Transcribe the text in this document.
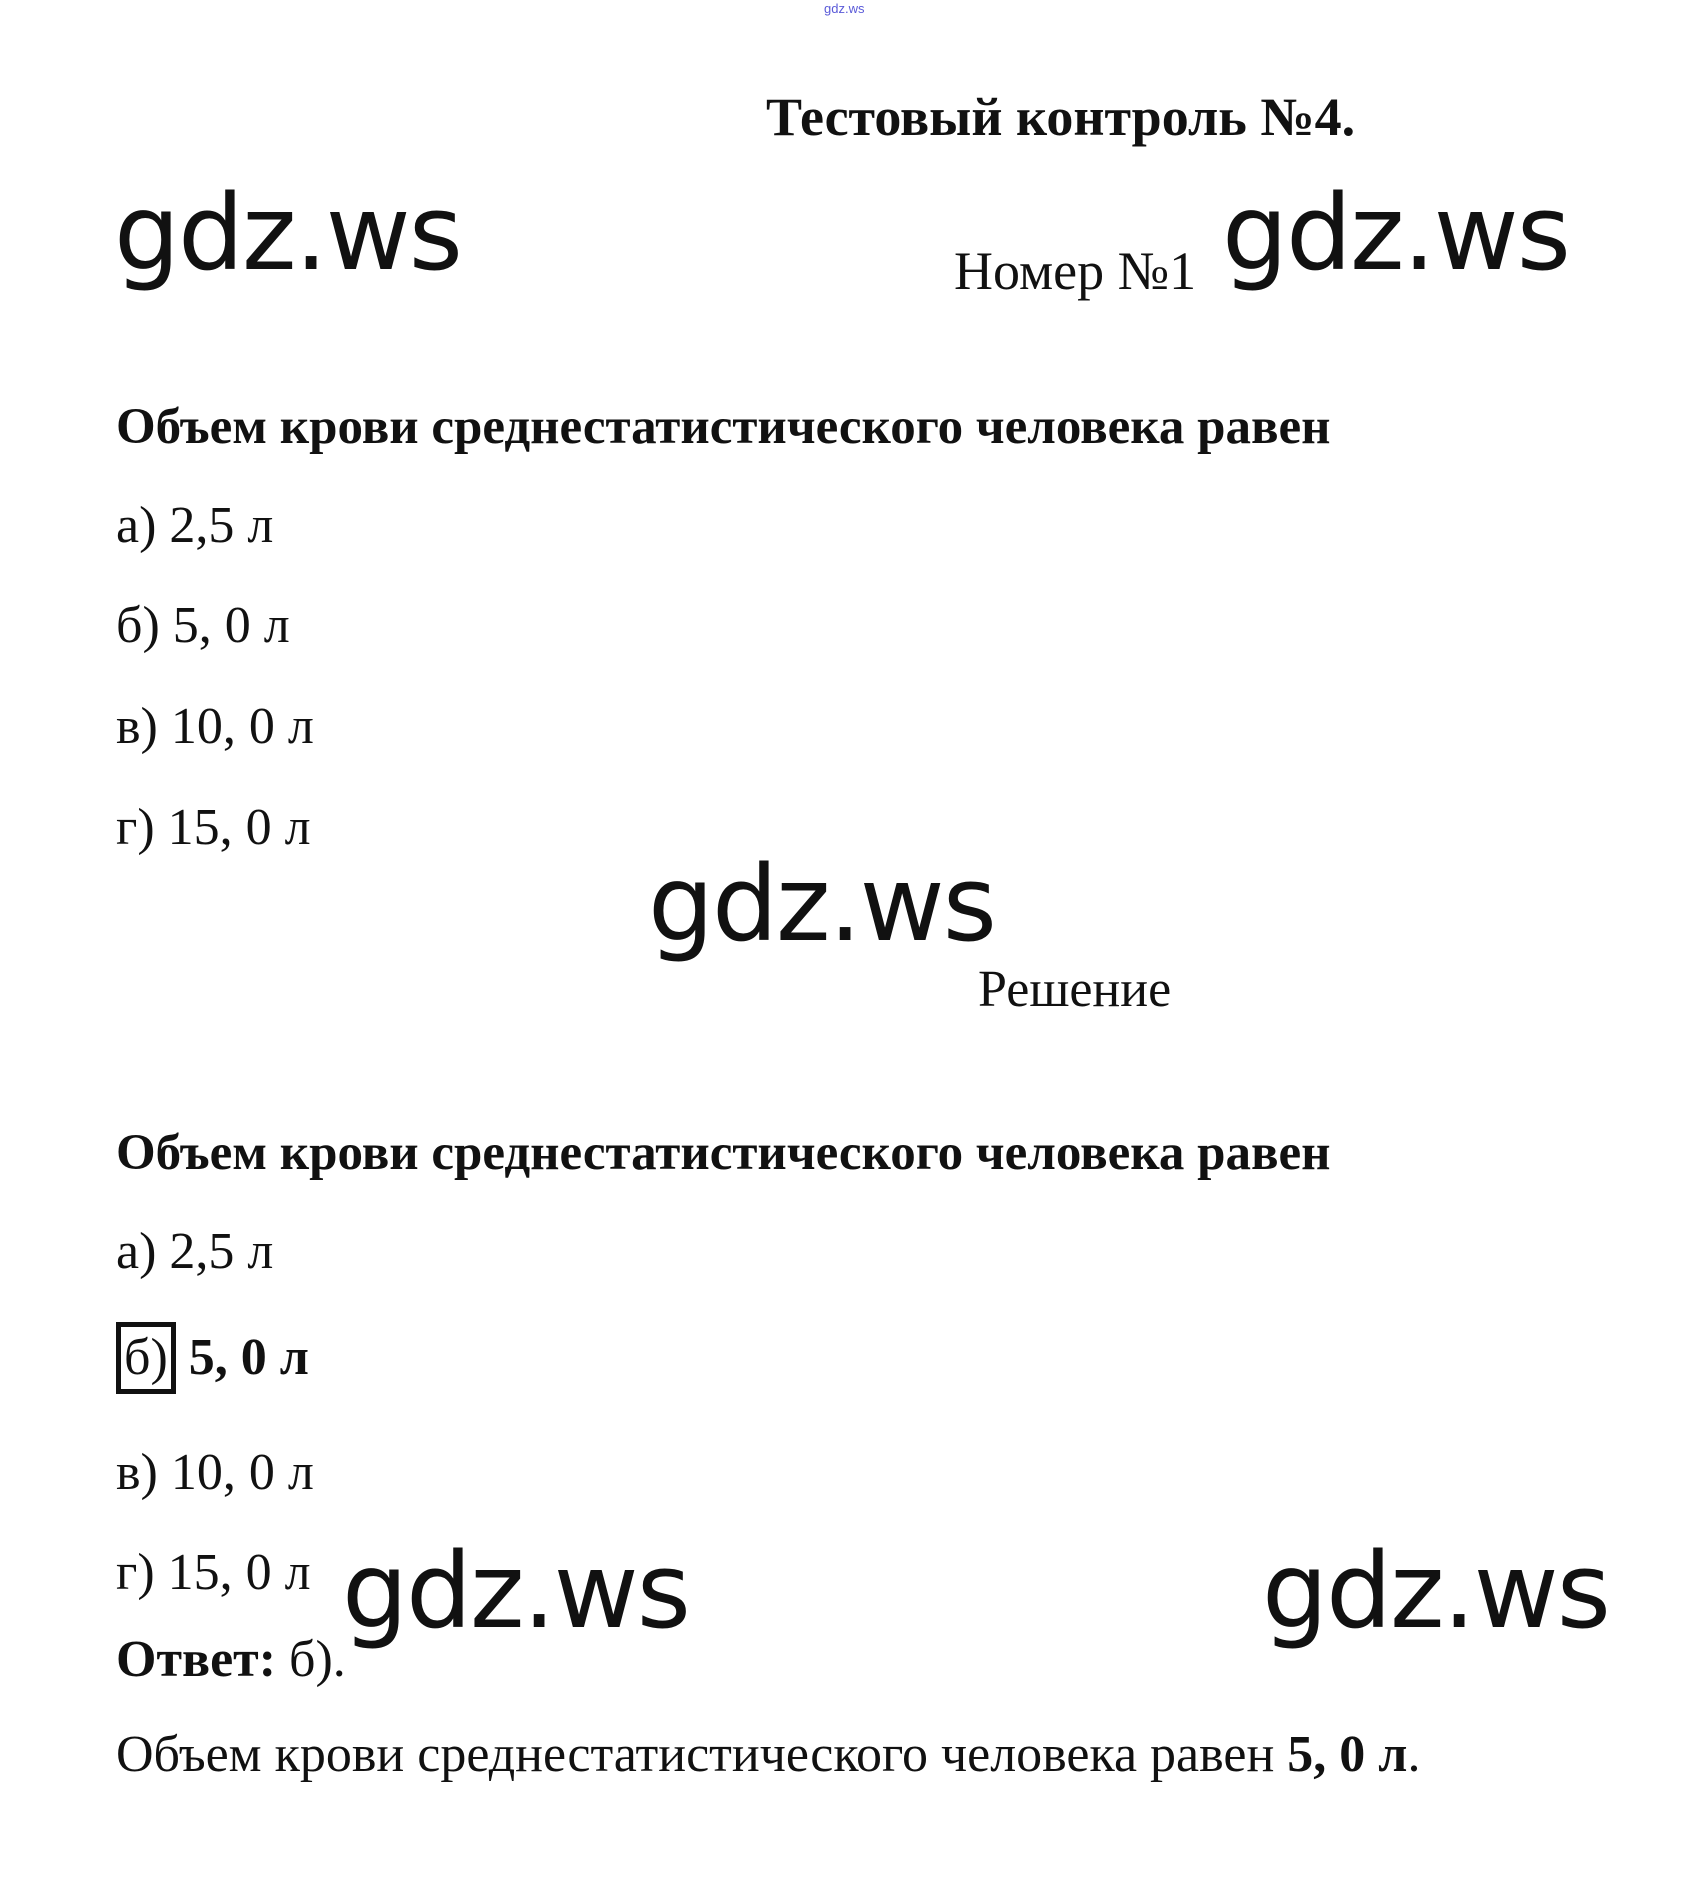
gdz.ws
Тестовый контроль №4.
gdz.ws	Номер №1 gdz.ws
Объем крови среднестатистического человека равен
а) 2,5 л
б) 5, 0 л
в) 10, 0 л
г) 15, 0 л
gdz.ws
Решение
Объем крови среднестатистического человека равен
а) 2,5 л
б) 5, 0 л
в) 10, 0 л
г) 15, 0 л gdz.ws	gdz.ws
Ответ: б).
Объем крови среднестатистического человека равен 5, 0 л.
